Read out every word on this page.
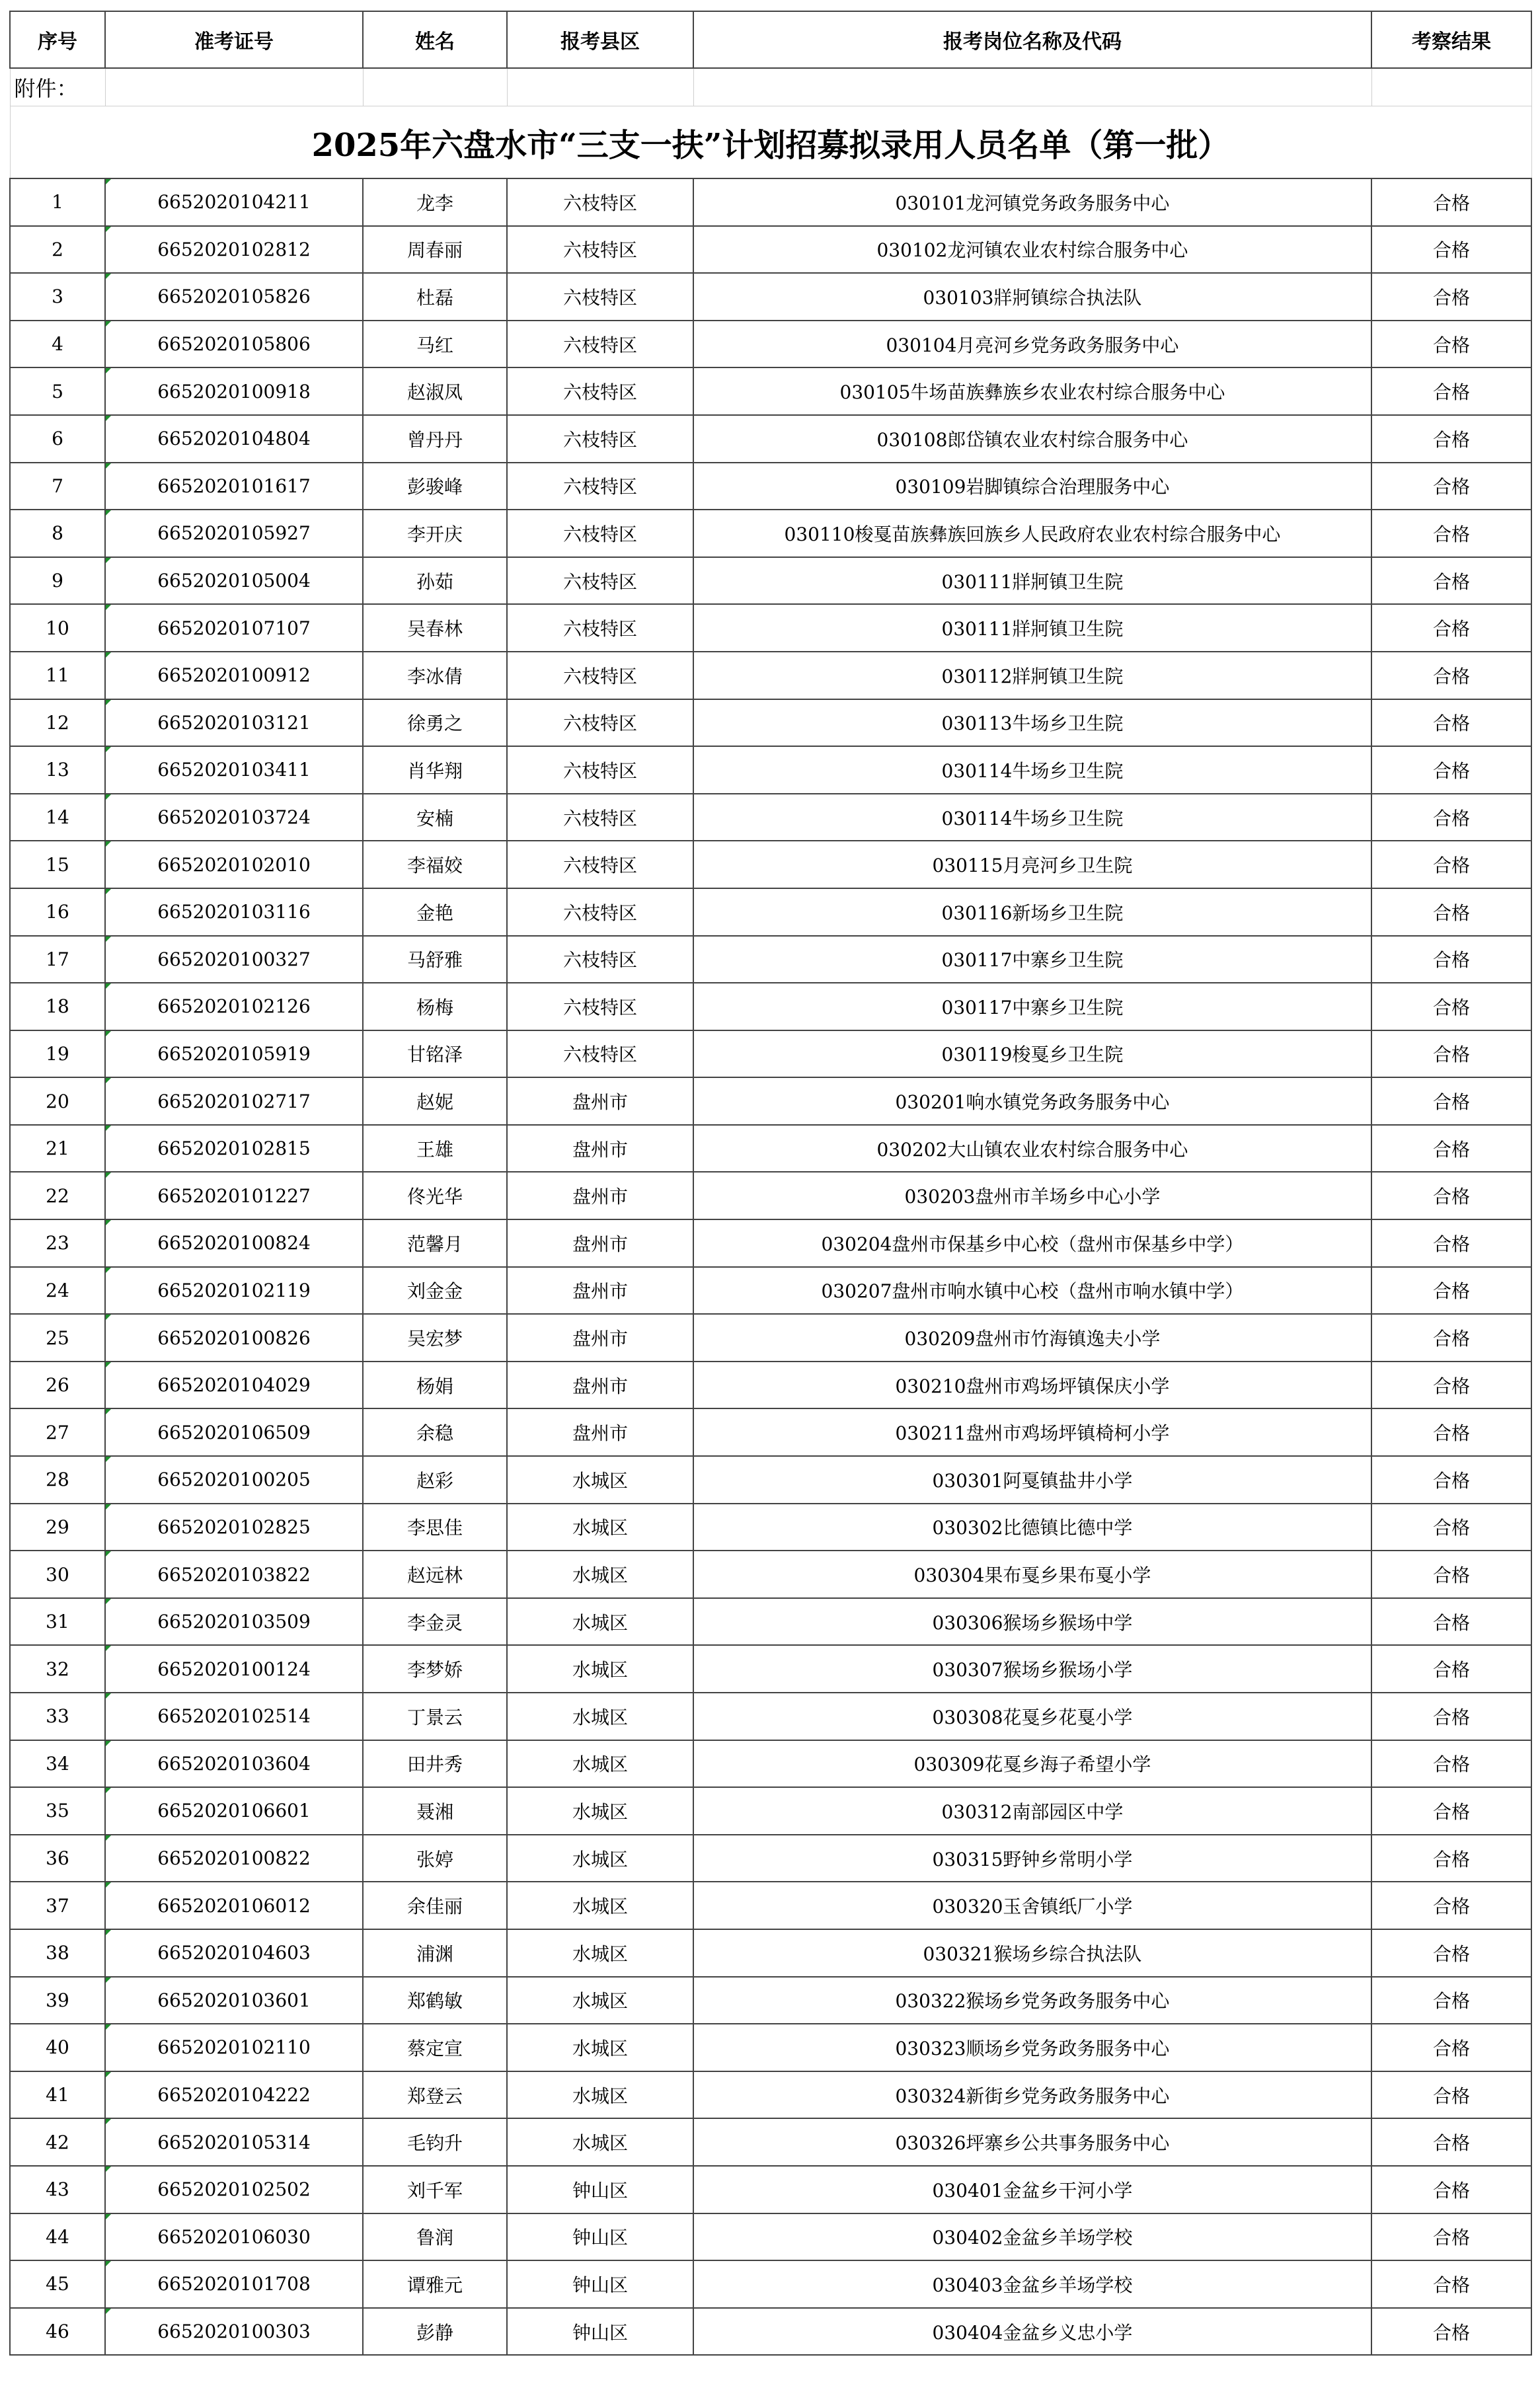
附件：					
2025年六盘水市“三支一扶”计划招募拟录用人员名单（第一批）					
序号	准考证号	姓名	报考县区	报考岗位名称及代码	考察结果
1	6652020104211	龙李	六枝特区	030101龙河镇党务政务服务中心	合格
2	6652020102812	周春丽	六枝特区	030102龙河镇农业农村综合服务中心	合格
3	6652020105826	杜磊	六枝特区	030103牂牁镇综合执法队	合格
4	6652020105806	马红	六枝特区	030104月亮河乡党务政务服务中心	合格
5	6652020100918	赵淑凤	六枝特区	030105牛场苗族彝族乡农业农村综合服务中心	合格
6	6652020104804	曾丹丹	六枝特区	030108郎岱镇农业农村综合服务中心	合格
7	6652020101617	彭骏峰	六枝特区	030109岩脚镇综合治理服务中心	合格
8	6652020105927	李开庆	六枝特区	030110梭戛苗族彝族回族乡人民政府农业农村综合服务中心	合格
9	6652020105004	孙茹	六枝特区	030111牂牁镇卫生院	合格
10	6652020107107	吴春林	六枝特区	030111牂牁镇卫生院	合格
11	6652020100912	李冰倩	六枝特区	030112牂牁镇卫生院	合格
12	6652020103121	徐勇之	六枝特区	030113牛场乡卫生院	合格
13	6652020103411	肖华翔	六枝特区	030114牛场乡卫生院	合格
14	6652020103724	安楠	六枝特区	030114牛场乡卫生院	合格
15	6652020102010	李福姣	六枝特区	030115月亮河乡卫生院	合格
16	6652020103116	金艳	六枝特区	030116新场乡卫生院	合格
17	6652020100327	马舒雅	六枝特区	030117中寨乡卫生院	合格
18	6652020102126	杨梅	六枝特区	030117中寨乡卫生院	合格
19	6652020105919	甘铭泽	六枝特区	030119梭戛乡卫生院	合格
20	6652020102717	赵妮	盘州市	030201响水镇党务政务服务中心	合格
21	6652020102815	王雄	盘州市	030202大山镇农业农村综合服务中心	合格
22	6652020101227	佟光华	盘州市	030203盘州市羊场乡中心小学	合格
23	6652020100824	范馨月	盘州市	030204盘州市保基乡中心校（盘州市保基乡中学）	合格
24	6652020102119	刘金金	盘州市	030207盘州市响水镇中心校（盘州市响水镇中学）	合格
25	6652020100826	吴宏梦	盘州市	030209盘州市竹海镇逸夫小学	合格
26	6652020104029	杨娟	盘州市	030210盘州市鸡场坪镇保庆小学	合格
27	6652020106509	余稳	盘州市	030211盘州市鸡场坪镇椅柯小学	合格
28	6652020100205	赵彩	水城区	030301阿戛镇盐井小学	合格
29	6652020102825	李思佳	水城区	030302比德镇比德中学	合格
30	6652020103822	赵远林	水城区	030304果布戛乡果布戛小学	合格
31	6652020103509	李金灵	水城区	030306猴场乡猴场中学	合格
32	6652020100124	李梦娇	水城区	030307猴场乡猴场小学	合格
33	6652020102514	丁景云	水城区	030308花戛乡花戛小学	合格
34	6652020103604	田井秀	水城区	030309花戛乡海子希望小学	合格
35	6652020106601	聂湘	水城区	030312南部园区中学	合格
36	6652020100822	张婷	水城区	030315野钟乡常明小学	合格
37	6652020106012	余佳丽	水城区	030320玉舍镇纸厂小学	合格
38	6652020104603	浦渊	水城区	030321猴场乡综合执法队	合格
39	6652020103601	郑鹤敏	水城区	030322猴场乡党务政务服务中心	合格
40	6652020102110	蔡定宣	水城区	030323顺场乡党务政务服务中心	合格
41	6652020104222	郑登云	水城区	030324新街乡党务政务服务中心	合格
42	6652020105314	毛钧升	水城区	030326坪寨乡公共事务服务中心	合格
43	6652020102502	刘千军	钟山区	030401金盆乡干河小学	合格
44	6652020106030	鲁润	钟山区	030402金盆乡羊场学校	合格
45	6652020101708	谭雅元	钟山区	030403金盆乡羊场学校	合格
46	6652020100303	彭静	钟山区	030404金盆乡义忠小学	合格
